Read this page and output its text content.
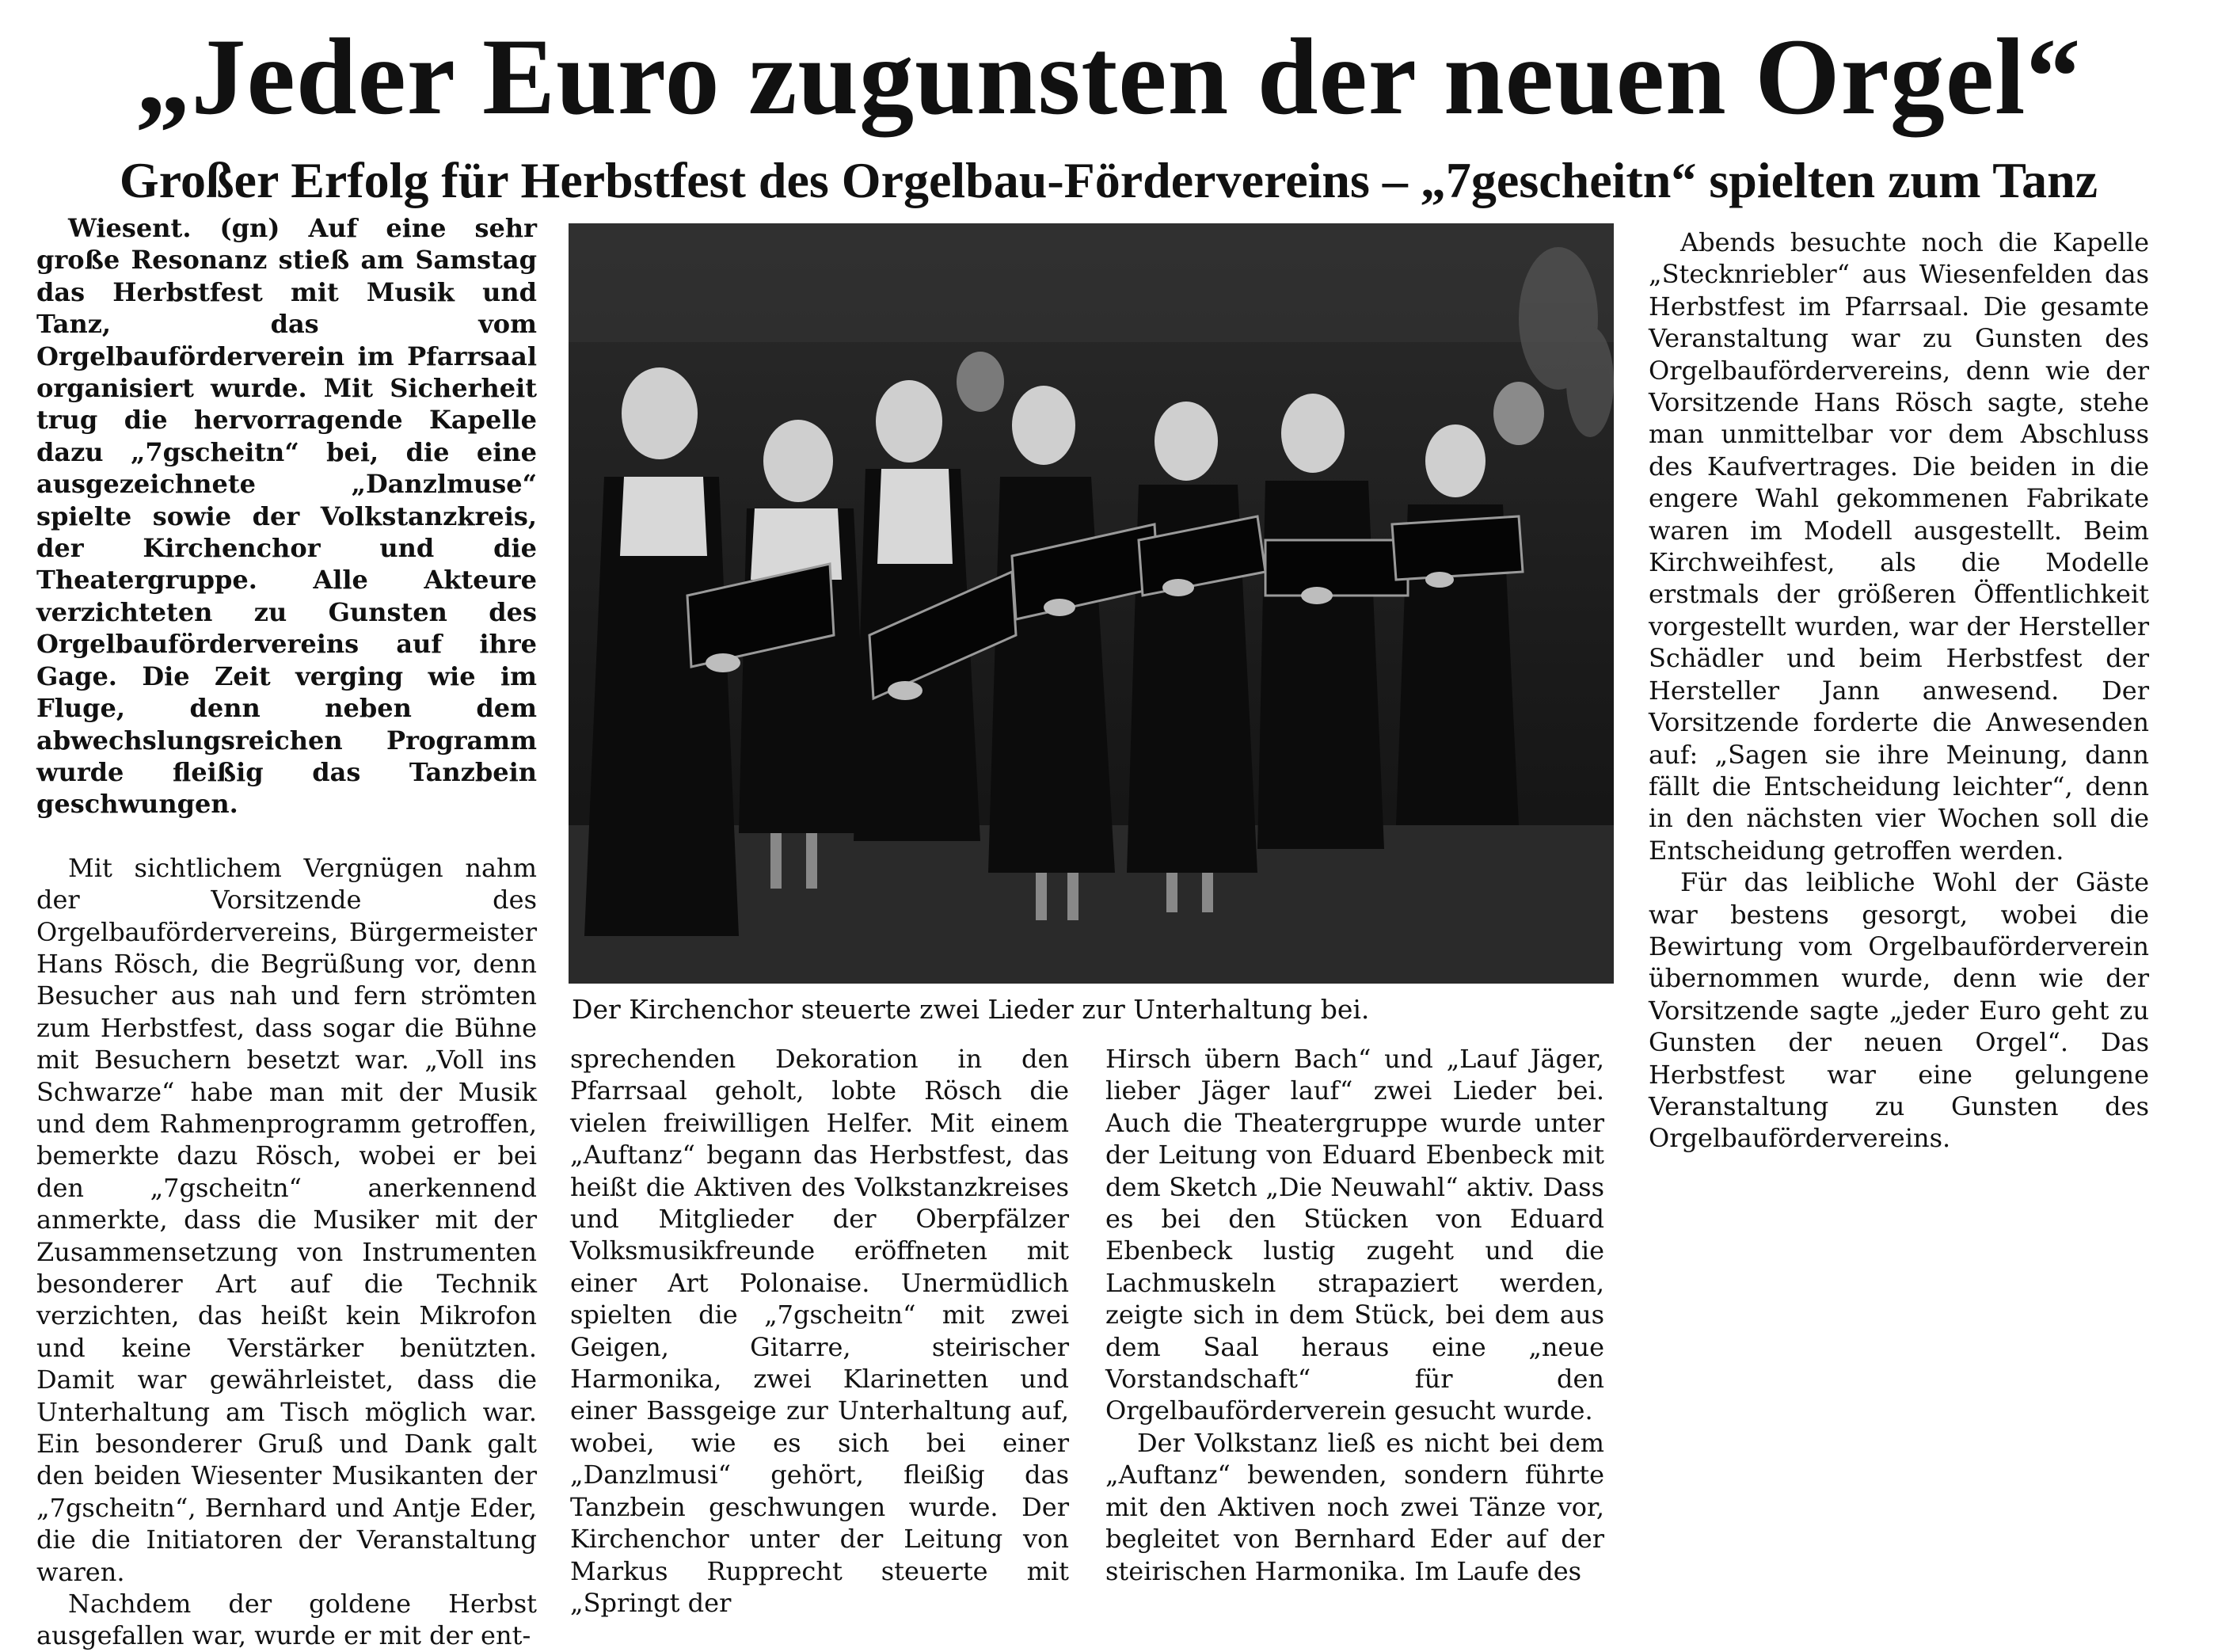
„Jeder Euro zugunsten der neuen Orgel“
Großer Erfolg für Herbstfest des Orgelbau-Fördervereins – „7gescheitn“ spielten zum Tanz

Wiesent. (gn) Auf eine sehr große Resonanz stieß am Samstag das Herbstfest mit Musik und Tanz, das vom Orgelbauförderverein im Pfarrsaal organisiert wurde. Mit Sicherheit trug die hervorragende Kapelle dazu „7gscheitn“ bei, die eine ausgezeichnete „Danzlmuse“ spielte sowie der Volkstanzkreis, der Kirchenchor und die Theatergruppe. Alle Akteure verzichteten zu Gunsten des Orgelbaufördervereins auf ihre Gage. Die Zeit verging wie im Fluge, denn neben dem abwechslungsreichen Programm wurde fleißig das Tanzbein geschwungen.

Mit sichtlichem Vergnügen nahm der Vorsitzende des Orgelbaufördervereins, Bürgermeister Hans Rösch, die Begrüßung vor, denn Besucher aus nah und fern strömten zum Herbstfest, dass sogar die Bühne mit Besuchern besetzt war. „Voll ins Schwarze“ habe man mit der Musik und dem Rahmenprogramm getroffen, bemerkte dazu Rösch, wobei er bei den „7gscheitn“ anerkennend anmerkte, dass die Musiker mit der Zusammensetzung von Instrumenten besonderer Art auf die Technik verzichten, das heißt kein Mikrofon und keine Verstärker benützten. Damit war gewährleistet, dass die Unterhaltung am Tisch möglich war. Ein besonderer Gruß und Dank galt den beiden Wiesenter Musikanten der „7gscheitn“, Bernhard und Antje Eder, die die Initiatoren der Veranstaltung waren.

Nachdem der goldene Herbst ausgefallen war, wurde er mit der ent-

Der Kirchenchor steuerte zwei Lieder zur Unterhaltung bei.

sprechenden Dekoration in den Pfarrsaal geholt, lobte Rösch die vielen freiwilligen Helfer. Mit einem „Auftanz“ begann das Herbstfest, das heißt die Aktiven des Volkstanzkreises und Mitglieder der Oberpfälzer Volksmusikfreunde eröffneten mit einer Art Polonaise. Unermüdlich spielten die „7gscheitn“ mit zwei Geigen, Gitarre, steirischer Harmonika, zwei Klarinetten und einer Bassgeige zur Unterhaltung auf, wobei, wie es sich bei einer „Danzlmusi“ gehört, fleißig das Tanzbein geschwungen wurde. Der Kirchenchor unter der Leitung von Markus Rupprecht steuerte mit „Springt der

Hirsch übern Bach“ und „Lauf Jäger, lieber Jäger lauf“ zwei Lieder bei. Auch die Theatergruppe wurde unter der Leitung von Eduard Ebenbeck mit dem Sketch „Die Neuwahl“ aktiv. Dass es bei den Stücken von Eduard Ebenbeck lustig zugeht und die Lachmuskeln strapaziert werden, zeigte sich in dem Stück, bei dem aus dem Saal heraus eine „neue Vorstandschaft“ für den Orgelbauförderverein gesucht wurde.

Der Volkstanz ließ es nicht bei dem „Auftanz“ bewenden, sondern führte mit den Aktiven noch zwei Tänze vor, begleitet von Bernhard Eder auf der steirischen Harmonika. Im Laufe des

Abends besuchte noch die Kapelle „Stecknriebler“ aus Wiesenfelden das Herbstfest im Pfarrsaal. Die gesamte Veranstaltung war zu Gunsten des Orgelbaufördervereins, denn wie der Vorsitzende Hans Rösch sagte, stehe man unmittelbar vor dem Abschluss des Kaufvertrages. Die beiden in die engere Wahl gekommenen Fabrikate waren im Modell ausgestellt. Beim Kirchweihfest, als die Modelle erstmals der größeren Öffentlichkeit vorgestellt wurden, war der Hersteller Schädler und beim Herbstfest der Hersteller Jann anwesend. Der Vorsitzende forderte die Anwesenden auf: „Sagen sie ihre Meinung, dann fällt die Entscheidung leichter“, denn in den nächsten vier Wochen soll die Entscheidung getroffen werden.

Für das leibliche Wohl der Gäste war bestens gesorgt, wobei die Bewirtung vom Orgelbauförderverein übernommen wurde, denn wie der Vorsitzende sagte „jeder Euro geht zu Gunsten der neuen Orgel“. Das Herbstfest war eine gelungene Veranstaltung zu Gunsten des Orgelbaufördervereins.
